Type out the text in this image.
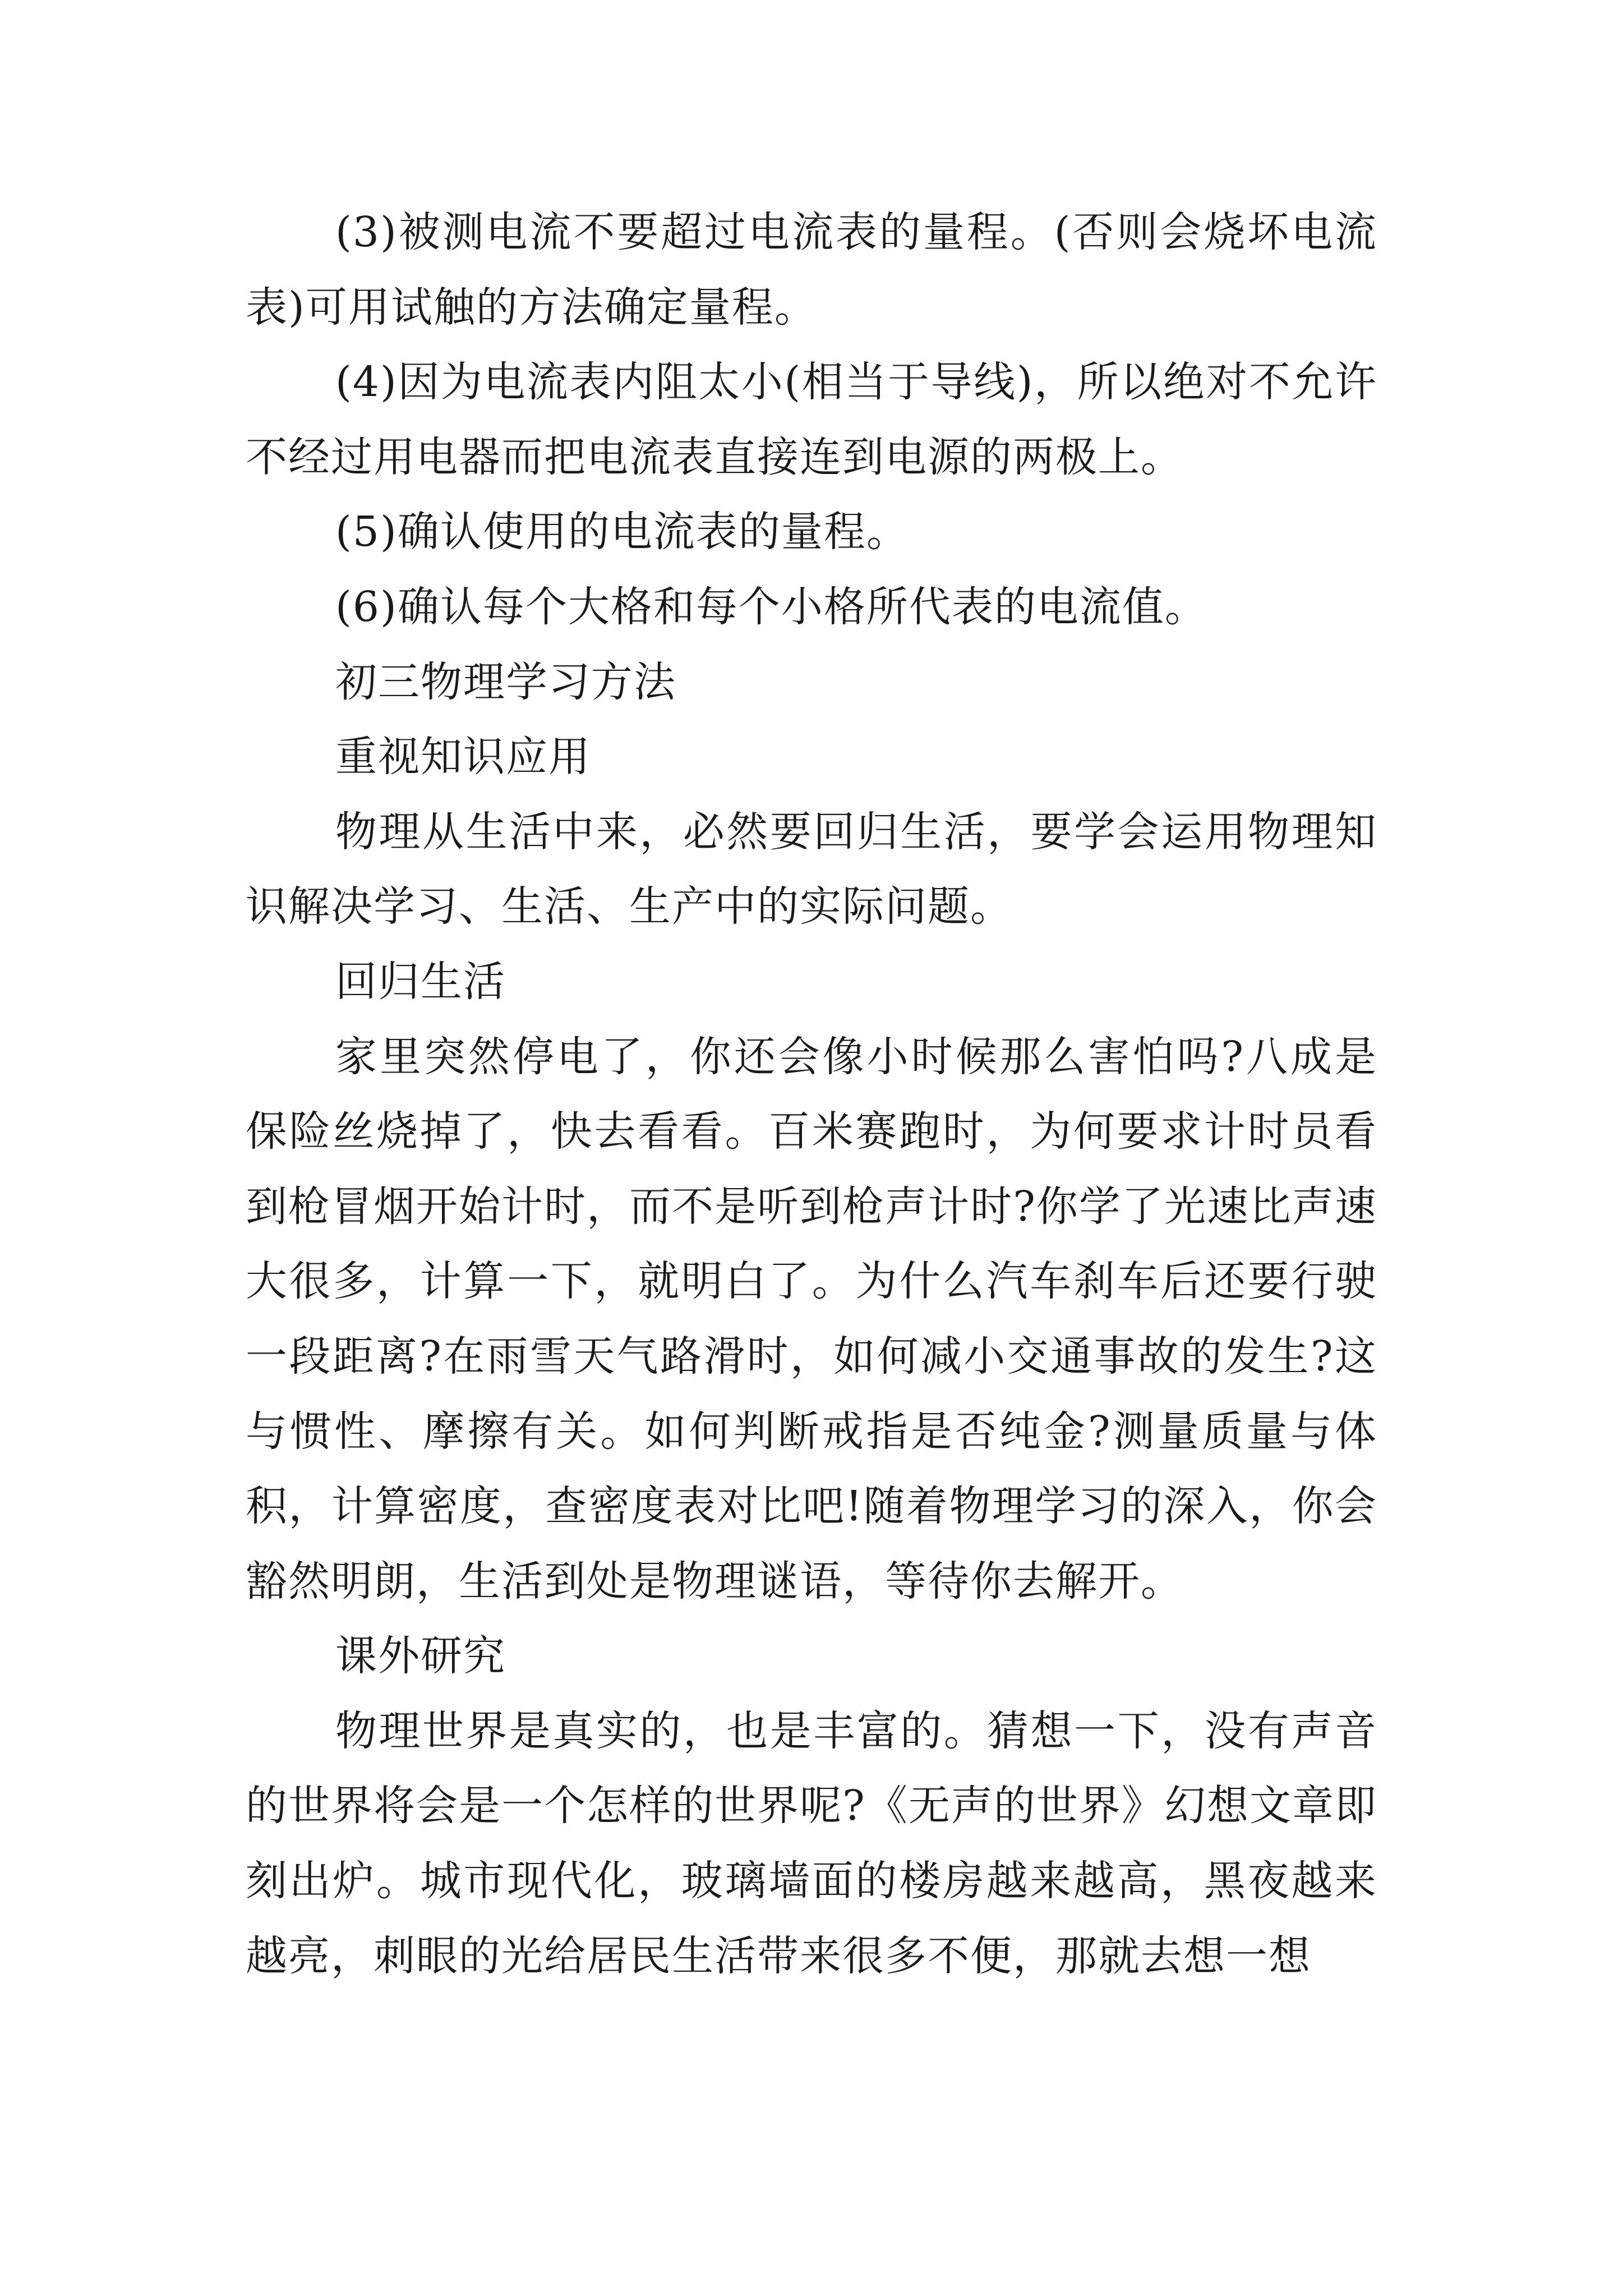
(3)被测电流不要超过电流表的量程。(否则会烧坏电流表)可用试触的方法确定量程。

(4)因为电流表内阻太小(相当于导线)，所以绝对不允许不经过用电器而把电流表直接连到电源的两极上。

(5)确认使用的电流表的量程。

(6)确认每个大格和每个小格所代表的电流值。

初三物理学习方法

重视知识应用

物理从生活中来，必然要回归生活，要学会运用物理知识解决学习、生活、生产中的实际问题。

回归生活

家里突然停电了，你还会像小时候那么害怕吗?八成是保险丝烧掉了，快去看看。百米赛跑时，为何要求计时员看到枪冒烟开始计时，而不是听到枪声计时?你学了光速比声速大很多，计算一下，就明白了。为什么汽车刹车后还要行驶一段距离?在雨雪天气路滑时，如何减小交通事故的发生?这与惯性、摩擦有关。如何判断戒指是否纯金?测量质量与体积，计算密度，查密度表对比吧!随着物理学习的深入，你会豁然明朗，生活到处是物理谜语，等待你去解开。

课外研究

物理世界是真实的，也是丰富的。猜想一下，没有声音的世界将会是一个怎样的世界呢?《无声的世界》幻想文章即刻出炉。城市现代化，玻璃墙面的楼房越来越高，黑夜越来越亮，刺眼的光给居民生活带来很多不便，那就去想一想
